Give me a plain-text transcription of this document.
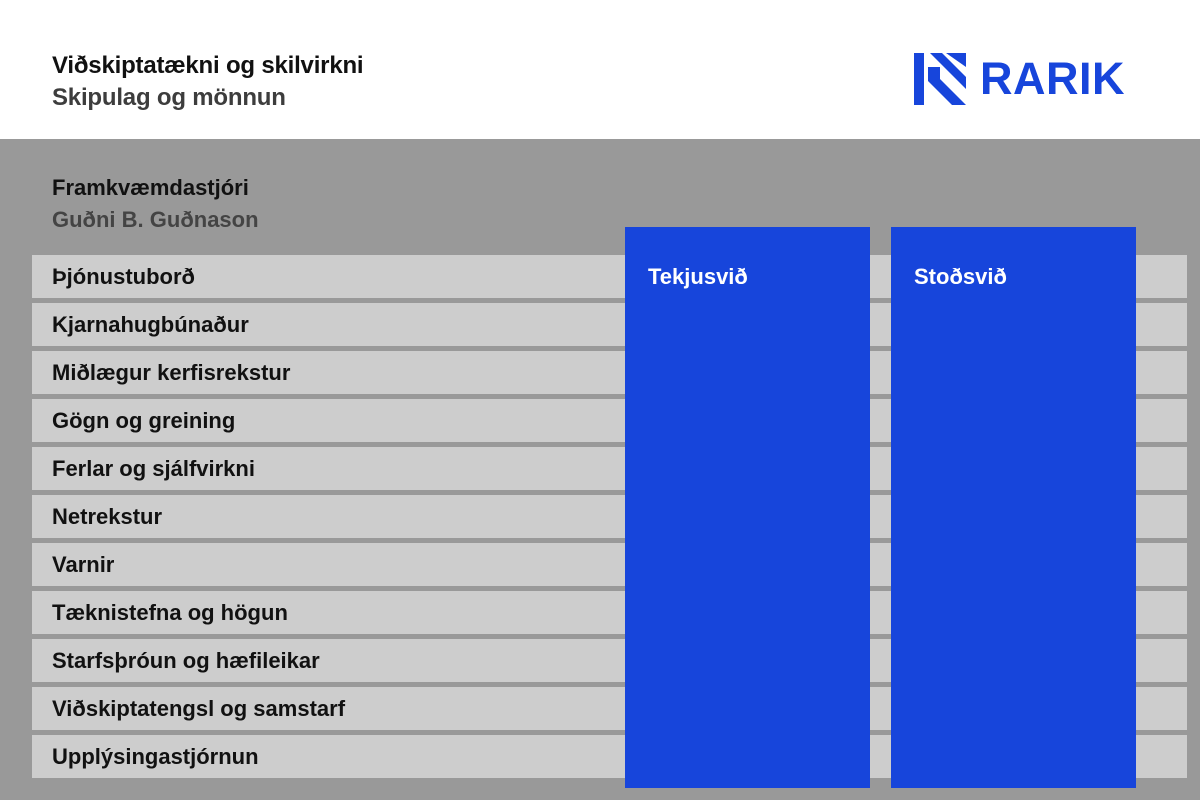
Viðskiptatækni og skilvirkni
Skipulag og mönnun	RARIK
Framkvæmdastjóri
Guðni B. Guðnason
Þjónustuborð
Kjarnahugbúnaður
Miðlægur kerfisrekstur
Gögn og greining
Ferlar og sjálfvirkni
Netrekstur
Varnir
Tæknistefna og högun
Starfsþróun og hæfileikar
Viðskiptatengsl og samstarf
Upplýsingastjórnun
Tekjusvið	Stoðsvið
